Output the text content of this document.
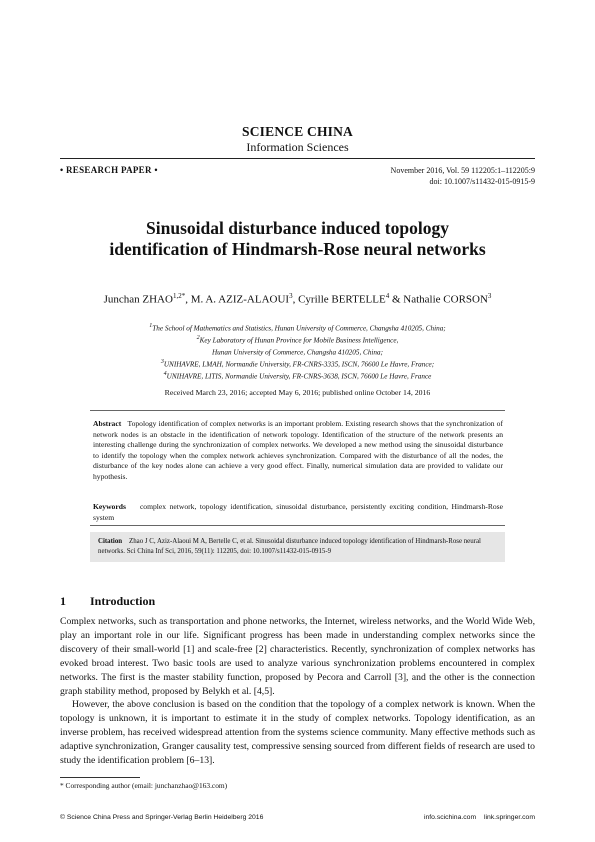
SCIENCE CHINA
Information Sciences
• RESEARCH PAPER •	November 2016, Vol. 59 112205:1–112205:9
doi: 10.1007/s11432-015-0915-9
Sinusoidal disturbance induced topology
identification of Hindmarsh-Rose neural networks
Junchan $ZHAO^{1,2*}$, M. A. AZIZ-ALAOUI$^3$, Cyrille BERTELLE$^4$ & Nathalie CORSON$^3$
$^1$The School of Mathematics and Statistics, Hunan University of Commerce, Changsha 410205, China;
$^2$Key Laboratory of Hunan Province for Mobile Business Intelligence,
Hunan University of Commerce, Changsha 410205, China;
$^3$UNIHAVRE, LMAH, Normandie University, FR-CNRS-3335, ISCN, 76600 Le Havre, France;
$^4$UNIHAVRE, LITIS, Normandie University, FR-CNRS-3638, ISCN, 76600 Le Havre, France
Received March 23, 2016; accepted May 6, 2016; published online October 14, 2016
Abstract Topology identification of complex networks is an important problem. Existing research shows that the synchronization of network nodes is an obstacle in the identification of network topology. Identification of the structure of the network presents an interesting challenge during the synchronization of complex networks. We developed a new method using the sinusoidal disturbance to identify the topology when the complex network achieves synchronization. Compared with the disturbance of all the nodes, the disturbance of the key nodes alone can achieve a very good effect. Finally, numerical simulation data are provided to validate our hypothesis.
Keywords complex network, topology identification, sinusoidal disturbance, persistently exciting condition, Hindmarsh-Rose system
Citation Zhao J C, Aziz-Alaoui M A, Bertelle C, et al. Sinusoidal disturbance induced topology identification of Hindmarsh-Rose neural networks. Sci China Inf Sci, 2016, 59(11): 112205, doi: 10.1007/s11432-015-0915-9
1 Introduction

Complex networks, such as transportation and phone networks, the Internet, wireless networks, and the World Wide Web, play an important role in our life. Significant progress has been made in understanding complex networks since the discovery of their small-world [1] and scale-free [2] characteristics. Recently, synchronization of complex networks has evoked broad interest. Two basic tools are used to analyze various synchronization problems encountered in complex networks. The first is the master stability function, proposed by Pecora and Carroll [3], and the other is the connection graph stability method, proposed by Belykh et al. [4,5].

However, the above conclusion is based on the condition that the topology of a complex network is known. When the topology is unknown, it is important to estimate it in the study of complex networks. Topology identification, as an inverse problem, has received widespread attention from the systems science community. Many effective methods such as adaptive synchronization, Granger causality test, compressive sensing sourced from different fields of research are used to study the identification problem [6–13].

* Corresponding author (email: junchanzhao@163.com)
© Science China Press and Springer-Verlag Berlin Heidelberg 2016	info.scichina.com link.springer.com
